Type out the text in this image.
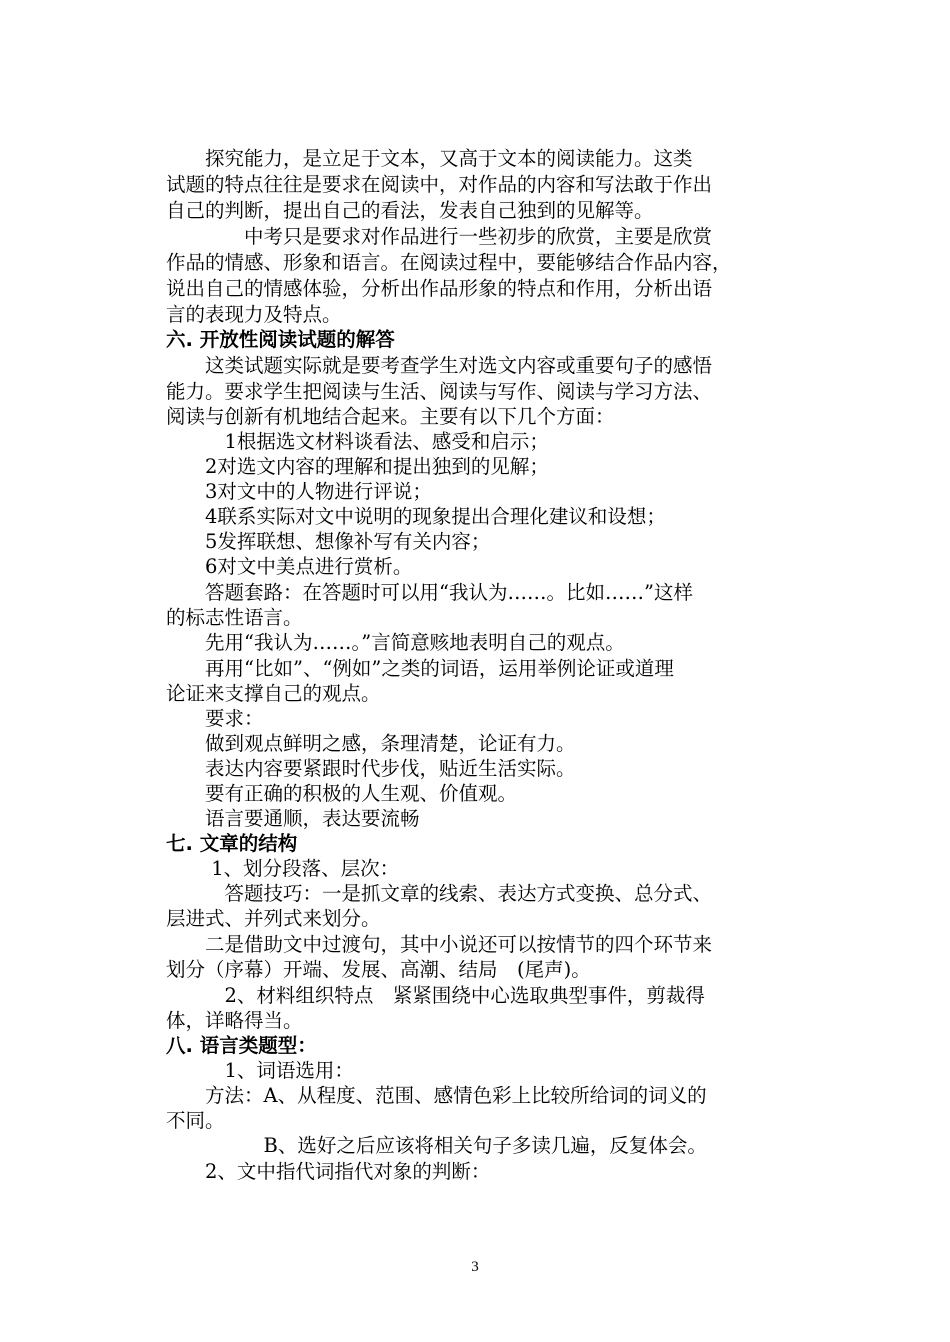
　　探究能力，是立足于文本，又高于文本的阅读能力。这类
试题的特点往往是要求在阅读中，对作品的内容和写法敢于作出
自己的判断，提出自己的看法，发表自己独到的见解等。
　　　　中考只是要求对作品进行一些初步的欣赏，主要是欣赏
作品的情感、形象和语言。在阅读过程中，要能够结合作品内容，
说出自己的情感体验，分析出作品形象的特点和作用，分析出语
言的表现力及特点。
六. 开放性阅读试题的解答
　　这类试题实际就是要考查学生对选文内容或重要句子的感悟
能力。要求学生把阅读与生活、阅读与写作、阅读与学习方法、
阅读与创新有机地结合起来。主要有以下几个方面：
　　　1根据选文材料谈看法、感受和启示；
　　2对选文内容的理解和提出独到的见解；
　　3对文中的人物进行评说；
　　4联系实际对文中说明的现象提出合理化建议和设想；
　　5发挥联想、想像补写有关内容；
　　6对文中美点进行赏析。
　　答题套路：在答题时可以用“我认为……。比如……”这样
的标志性语言。
　　先用“我认为……。”言简意赅地表明自己的观点。
　　再用“比如”、“例如”之类的词语，运用举例论证或道理
论证来支撑自己的观点。
　　要求：
　　做到观点鲜明之感，条理清楚，论证有力。
　　表达内容要紧跟时代步伐，贴近生活实际。
　　要有正确的积极的人生观、价值观。
　　语言要通顺，表达要流畅
七. 文章的结构
　　 1、划分段落、层次：
　　　答题技巧：一是抓文章的线索、表达方式变换、总分式、
层进式、并列式来划分。
　　二是借助文中过渡句，其中小说还可以按情节的四个环节来
划分（序幕）开端、发展、高潮、结局　(尾声)。
　　　2、材料组织特点　紧紧围绕中心选取典型事件，剪裁得
体，详略得当。
八. 语言类题型：
　　　1、词语选用：
　　方法：A、从程度、范围、感情色彩上比较所给词的词义的
不同。
　　　　　B、选好之后应该将相关句子多读几遍，反复体会。
　　2、文中指代词指代对象的判断：
3
